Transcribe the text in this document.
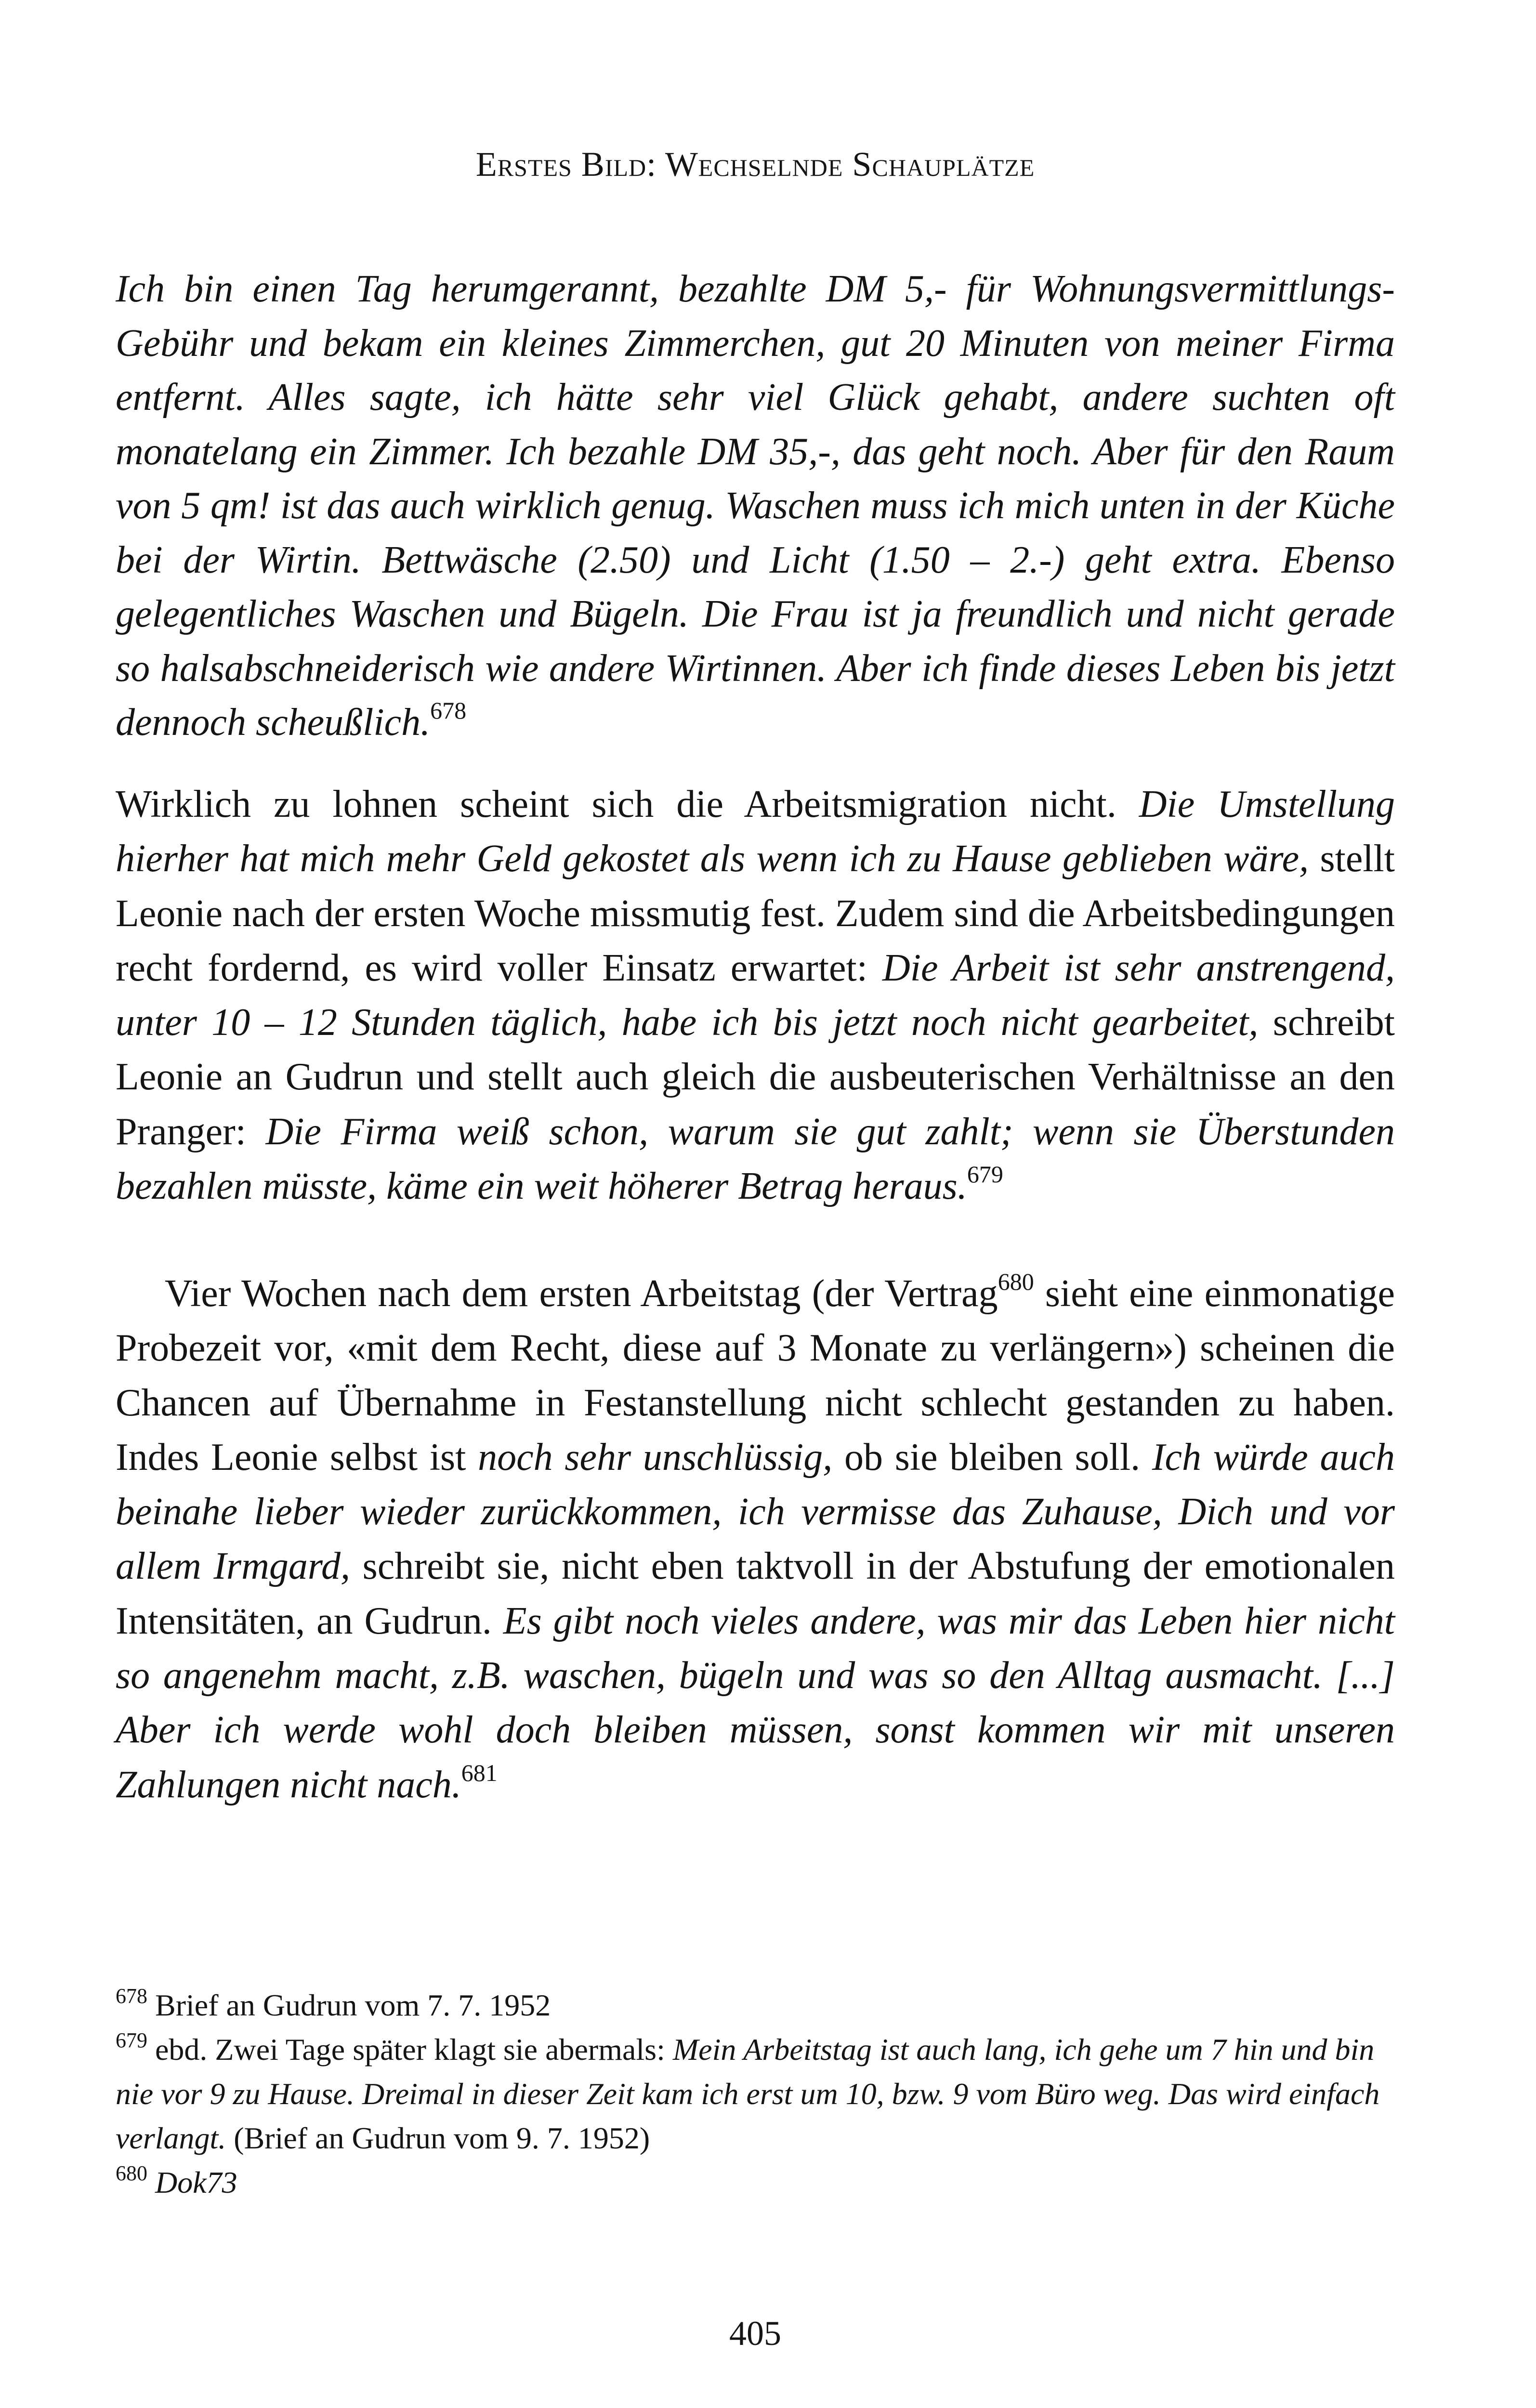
Erstes Bild: Wechselnde Schauplätze

Ich bin einen Tag herumgerannt, bezahlte DM 5,- für Wohnungsvermittlungs-Gebühr und bekam ein kleines Zimmerchen, gut 20 Minuten von meiner Firma entfernt. Alles sagte, ich hätte sehr viel Glück gehabt, andere suchten oft monatelang ein Zimmer. Ich bezahle DM 35,-, das geht noch. Aber für den Raum von 5 qm! ist das auch wirklich genug. Waschen muss ich mich unten in der Küche bei der Wirtin. Bettwäsche (2.50) und Licht (1.50 – 2.-) geht extra. Ebenso gelegentliches Waschen und Bügeln. Die Frau ist ja freundlich und nicht gerade so halsabschneiderisch wie andere Wirtinnen. Aber ich finde dieses Leben bis jetzt dennoch scheußlich.$^{678}$

Wirklich zu lohnen scheint sich die Arbeitsmigration nicht. Die Umstellung hierher hat mich mehr Geld gekostet als wenn ich zu Hause geblieben wäre, stellt Leonie nach der ersten Woche missmutig fest. Zudem sind die Arbeitsbedingungen recht fordernd, es wird voller Einsatz erwartet: Die Arbeit ist sehr anstrengend, unter 10 – 12 Stunden täglich, habe ich bis jetzt noch nicht gearbeitet, schreibt Leonie an Gudrun und stellt auch gleich die ausbeuterischen Verhältnisse an den Pranger: Die Firma weiß schon, warum sie gut zahlt; wenn sie Überstunden bezahlen müsste, käme ein weit höherer Betrag heraus.$^{679}$

Vier Wochen nach dem ersten Arbeitstag (der Vertrag$^{680}$ sieht eine einmonatige Probezeit vor, «mit dem Recht, diese auf 3 Monate zu verlängern») scheinen die Chancen auf Übernahme in Festanstellung nicht schlecht gestanden zu haben. Indes Leonie selbst ist noch sehr unschlüssig, ob sie bleiben soll. Ich würde auch beinahe lieber wieder zurückkommen, ich vermisse das Zuhause, Dich und vor allem Irmgard, schreibt sie, nicht eben taktvoll in der Abstufung der emotionalen Intensitäten, an Gudrun. Es gibt noch vieles andere, was mir das Leben hier nicht so angenehm macht, z.B. waschen, bügeln und was so den Alltag ausmacht. [...] Aber ich werde wohl doch bleiben müssen, sonst kommen wir mit unseren Zahlungen nicht nach.$^{681}$

$^{678}$ Brief an Gudrun vom 7. 7. 1952

$^{679}$ ebd. Zwei Tage später klagt sie abermals: Mein Arbeitstag ist auch lang, ich gehe um 7 hin und bin nie vor 9 zu Hause. Dreimal in dieser Zeit kam ich erst um 10, bzw. 9 vom Büro weg. Das wird einfach verlangt. (Brief an Gudrun vom 9. 7. 1952)

$^{680}$ Dok73

405
